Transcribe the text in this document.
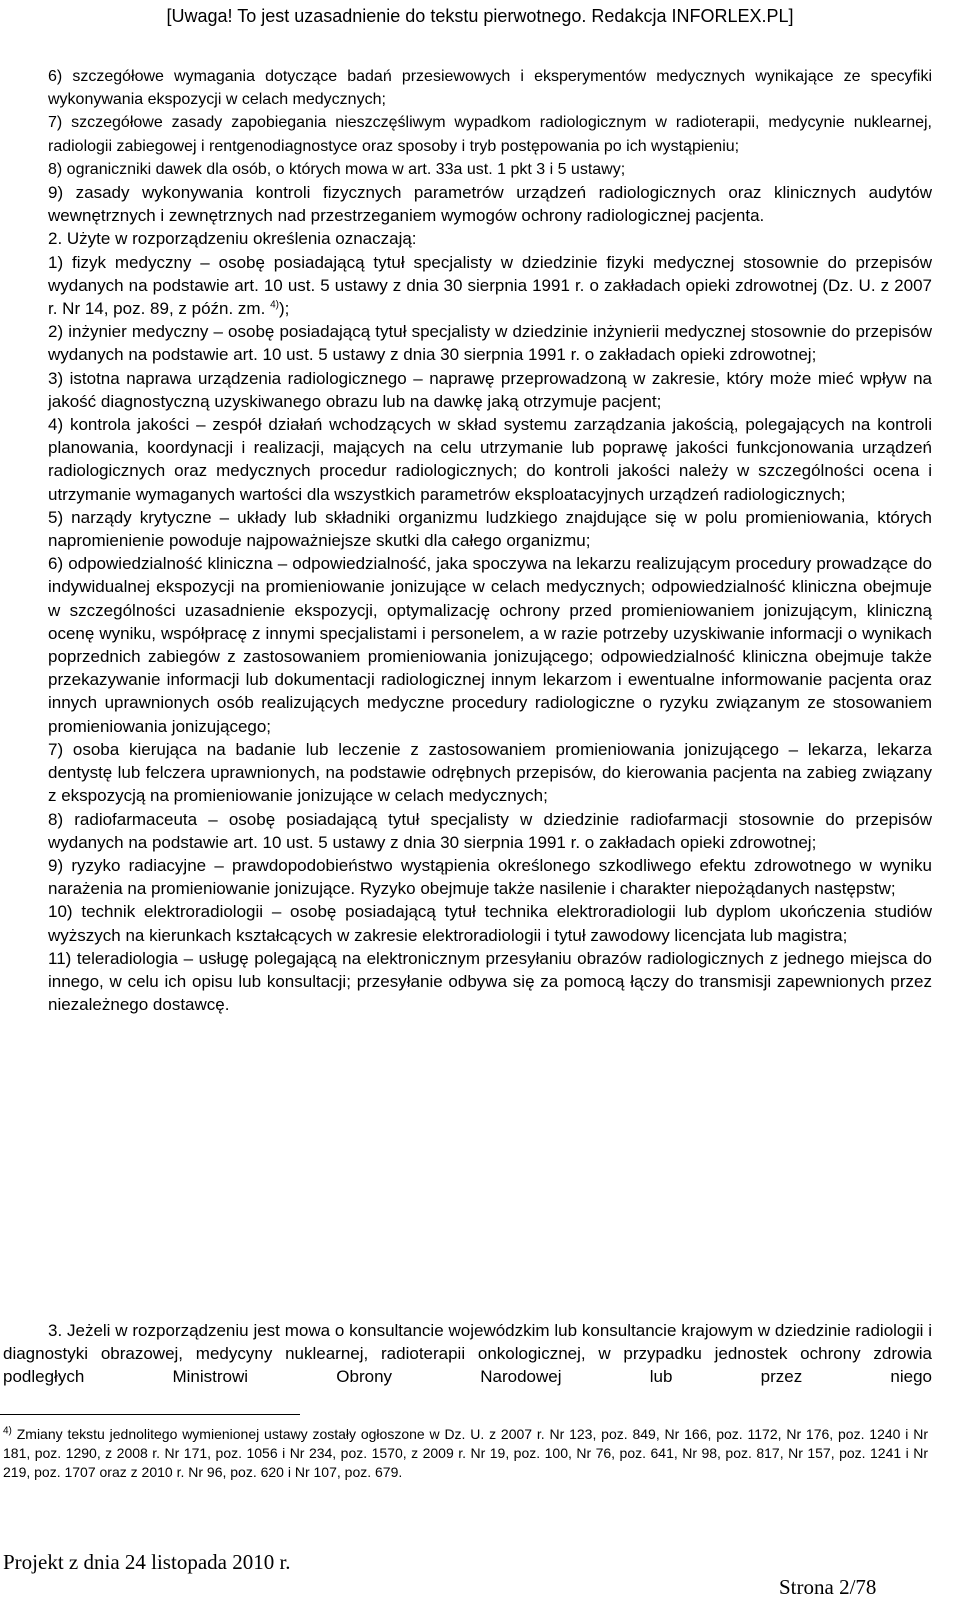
[Uwaga! To jest uzasadnienie do tekstu pierwotnego. Redakcja INFORLEX.PL]

6) szczegółowe wymagania dotyczące badań przesiewowych i eksperymentów medycznych wynikające ze specyfiki wykonywania ekspozycji w celach medycznych;

7) szczegółowe zasady zapobiegania nieszczęśliwym wypadkom radiologicznym w radioterapii, medycynie nuklearnej, radiologii zabiegowej i rentgenodiagnostyce oraz sposoby i tryb postępowania po ich wystąpieniu;

8) ograniczniki dawek dla osób, o których mowa w art. 33a ust. 1 pkt 3 i 5 ustawy;

9) zasady wykonywania kontroli fizycznych parametrów urządzeń radiologicznych oraz klinicznych audytów wewnętrznych i zewnętrznych nad przestrzeganiem wymogów ochrony radiologicznej pacjenta.

2. Użyte w rozporządzeniu określenia oznaczają:

1) fizyk medyczny – osobę posiadającą tytuł specjalisty w dziedzinie fizyki medycznej stosownie do przepisów wydanych na podstawie art. 10 ust. 5 ustawy z dnia 30 sierpnia 1991 r. o zakładach opieki zdrowotnej (Dz. U. z 2007 r. Nr 14, poz. 89, z późn. zm. $^{4)}$);

2) inżynier medyczny – osobę posiadającą tytuł specjalisty w dziedzinie inżynierii medycznej stosownie do przepisów wydanych na podstawie art. 10 ust. 5 ustawy z dnia 30 sierpnia 1991 r. o zakładach opieki zdrowotnej;

3) istotna naprawa urządzenia radiologicznego – naprawę przeprowadzoną w zakresie, który może mieć wpływ na jakość diagnostyczną uzyskiwanego obrazu lub na dawkę jaką otrzymuje pacjent;

4) kontrola jakości – zespół działań wchodzących w skład systemu zarządzania jakością, polegających na kontroli planowania, koordynacji i realizacji, mających na celu utrzymanie lub poprawę jakości funkcjonowania urządzeń radiologicznych oraz medycznych procedur radiologicznych; do kontroli jakości należy w szczególności ocena i utrzymanie wymaganych wartości dla wszystkich parametrów eksploatacyjnych urządzeń radiologicznych;

5) narządy krytyczne – układy lub składniki organizmu ludzkiego znajdujące się w polu promieniowania, których napromienienie powoduje najpoważniejsze skutki dla całego organizmu;

6) odpowiedzialność kliniczna – odpowiedzialność, jaka spoczywa na lekarzu realizującym procedury prowadzące do indywidualnej ekspozycji na promieniowanie jonizujące w celach medycznych; odpowiedzialność kliniczna obejmuje w szczególności uzasadnienie ekspozycji, optymalizację ochrony przed promieniowaniem jonizującym, kliniczną ocenę wyniku, współpracę z innymi specjalistami i personelem, a w razie potrzeby uzyskiwanie informacji o wynikach poprzednich zabiegów z zastosowaniem promieniowania jonizującego; odpowiedzialność kliniczna obejmuje także przekazywanie informacji lub dokumentacji radiologicznej innym lekarzom i ewentualne informowanie pacjenta oraz innych uprawnionych osób realizujących medyczne procedury radiologiczne o ryzyku związanym ze stosowaniem promieniowania jonizującego;

7) osoba kierująca na badanie lub leczenie z zastosowaniem promieniowania jonizującego – lekarza, lekarza dentystę lub felczera uprawnionych, na podstawie odrębnych przepisów, do kierowania pacjenta na zabieg związany z ekspozycją na promieniowanie jonizujące w celach medycznych;

8) radiofarmaceuta – osobę posiadającą tytuł specjalisty w dziedzinie radiofarmacji stosownie do przepisów wydanych na podstawie art. 10 ust. 5 ustawy z dnia 30 sierpnia 1991 r. o zakładach opieki zdrowotnej;

9) ryzyko radiacyjne – prawdopodobieństwo wystąpienia określonego szkodliwego efektu zdrowotnego w wyniku narażenia na promieniowanie jonizujące. Ryzyko obejmuje także nasilenie i charakter niepożądanych następstw;

10) technik elektroradiologii – osobę posiadającą tytuł technika elektroradiologii lub dyplom ukończenia studiów wyższych na kierunkach kształcących w zakresie elektroradiologii i tytuł zawodowy licencjata lub magistra;

11) teleradiologia – usługę polegającą na elektronicznym przesyłaniu obrazów radiologicznych z jednego miejsca do innego, w celu ich opisu lub konsultacji; przesyłanie odbywa się za pomocą łączy do transmisji zapewnionych przez niezależnego dostawcę.

3. Jeżeli w rozporządzeniu jest mowa o konsultancie wojewódzkim lub konsultancie krajowym w dziedzinie radiologii i diagnostyki obrazowej, medycyny nuklearnej, radioterapii onkologicznej, w przypadku jednostek ochrony zdrowia podległych Ministrowi Obrony Narodowej lub przez niego

$^{4)}$ Zmiany tekstu jednolitego wymienionej ustawy zostały ogłoszone w Dz. U. z 2007 r. Nr 123, poz. 849, Nr 166, poz. 1172, Nr 176, poz. 1240 i Nr 181, poz. 1290, z 2008 r. Nr 171, poz. 1056 i Nr 234, poz. 1570, z 2009 r. Nr 19, poz. 100, Nr 76, poz. 641, Nr 98, poz. 817, Nr 157, poz. 1241 i Nr 219, poz. 1707 oraz z 2010 r. Nr 96, poz. 620 i Nr 107, poz. 679.

Projekt z dnia 24 listopada 2010 r.
Strona 2/78
